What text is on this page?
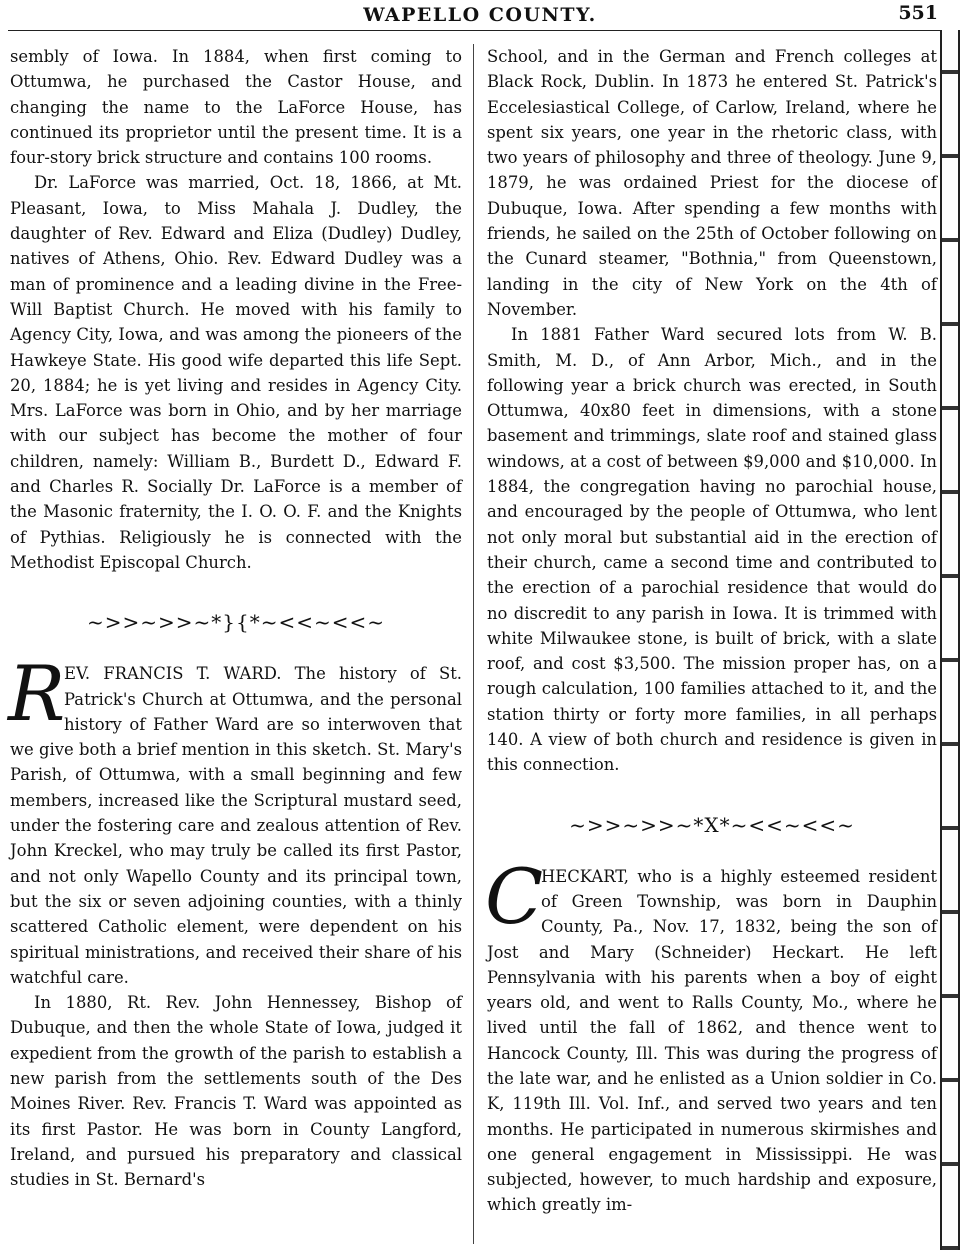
WAPELLO COUNTY.	551

sembly of Iowa. In 1884, when first coming to Ottumwa, he purchased the Castor House, and changing the name to the LaForce House, has continued its proprietor until the present time. It is a four-story brick structure and contains 100 rooms.

Dr. LaForce was married, Oct. 18, 1866, at Mt. Pleasant, Iowa, to Miss Mahala J. Dudley, the daughter of Rev. Edward and Eliza (Dudley) Dudley, natives of Athens, Ohio. Rev. Edward Dudley was a man of prominence and a leading divine in the Free-Will Baptist Church. He moved with his family to Agency City, Iowa, and was among the pioneers of the Hawkeye State. His good wife departed this life Sept. 20, 1884; he is yet living and resides in Agency City. Mrs. LaForce was born in Ohio, and by her marriage with our subject has become the mother of four children, namely: William B., Burdett D., Edward F. and Charles R. Socially Dr. LaForce is a member of the Masonic fraternity, the I. O. O. F. and the Knights of Pythias. Religiously he is connected with the Methodist Episcopal Church.

~>>~>>~*}{*~<<~<<~

R
EV. FRANCIS T. WARD. The history of St. Patrick's Church at Ottumwa, and the personal history of Father Ward are so interwoven that we give both a brief mention in this sketch. St. Mary's Parish, of Ottumwa, with a small beginning and few members, increased like the Scriptural mustard seed, under the fostering care and zealous attention of Rev. John Kreckel, who may truly be called its first Pastor, and not only Wapello County and its principal town, but the six or seven adjoining counties, with a thinly scattered Catholic element, were dependent on his spiritual ministrations, and received their share of his watchful care.

In 1880, Rt. Rev. John Hennessey, Bishop of Dubuque, and then the whole State of Iowa, judged it expedient from the growth of the parish to establish a new parish from the settlements south of the Des Moines River. Rev. Francis T. Ward was appointed as its first Pastor. He was born in County Langford, Ireland, and pursued his preparatory and classical studies in St. Bernard's

School, and in the German and French colleges at Black Rock, Dublin. In 1873 he entered St. Patrick's Eccelesiastical College, of Carlow, Ireland, where he spent six years, one year in the rhetoric class, with two years of philosophy and three of theology. June 9, 1879, he was ordained Priest for the diocese of Dubuque, Iowa. After spending a few months with friends, he sailed on the 25th of October following on the Cunard steamer, "Bothnia," from Queenstown, landing in the city of New York on the 4th of November.

In 1881 Father Ward secured lots from W. B. Smith, M. D., of Ann Arbor, Mich., and in the following year a brick church was erected, in South Ottumwa, 40x80 feet in dimensions, with a stone basement and trimmings, slate roof and stained glass windows, at a cost of between $9,000 and $10,000. In 1884, the congregation having no parochial house, and encouraged by the people of Ottumwa, who lent not only moral but substantial aid in the erection of their church, came a second time and contributed to the erection of a parochial residence that would do no discredit to any parish in Iowa. It is trimmed with white Milwaukee stone, is built of brick, with a slate roof, and cost $3,500. The mission proper has, on a rough calculation, 100 families attached to it, and the station thirty or forty more families, in all perhaps 140. A view of both church and residence is given in this connection.

~>>~>>~*X*~<<~<<~

C
HECKART, who is a highly esteemed resident of Green Township, was born in Dauphin County, Pa., Nov. 17, 1832, being the son of Jost and Mary (Schneider) Heckart. He left Pennsylvania with his parents when a boy of eight years old, and went to Ralls County, Mo., where he lived until the fall of 1862, and thence went to Hancock County, Ill. This was during the progress of the late war, and he enlisted as a Union soldier in Co. K, 119th Ill. Vol. Inf., and served two years and ten months. He participated in numerous skirmishes and one general engagement in Mississippi. He was subjected, however, to much hardship and exposure, which greatly im-
